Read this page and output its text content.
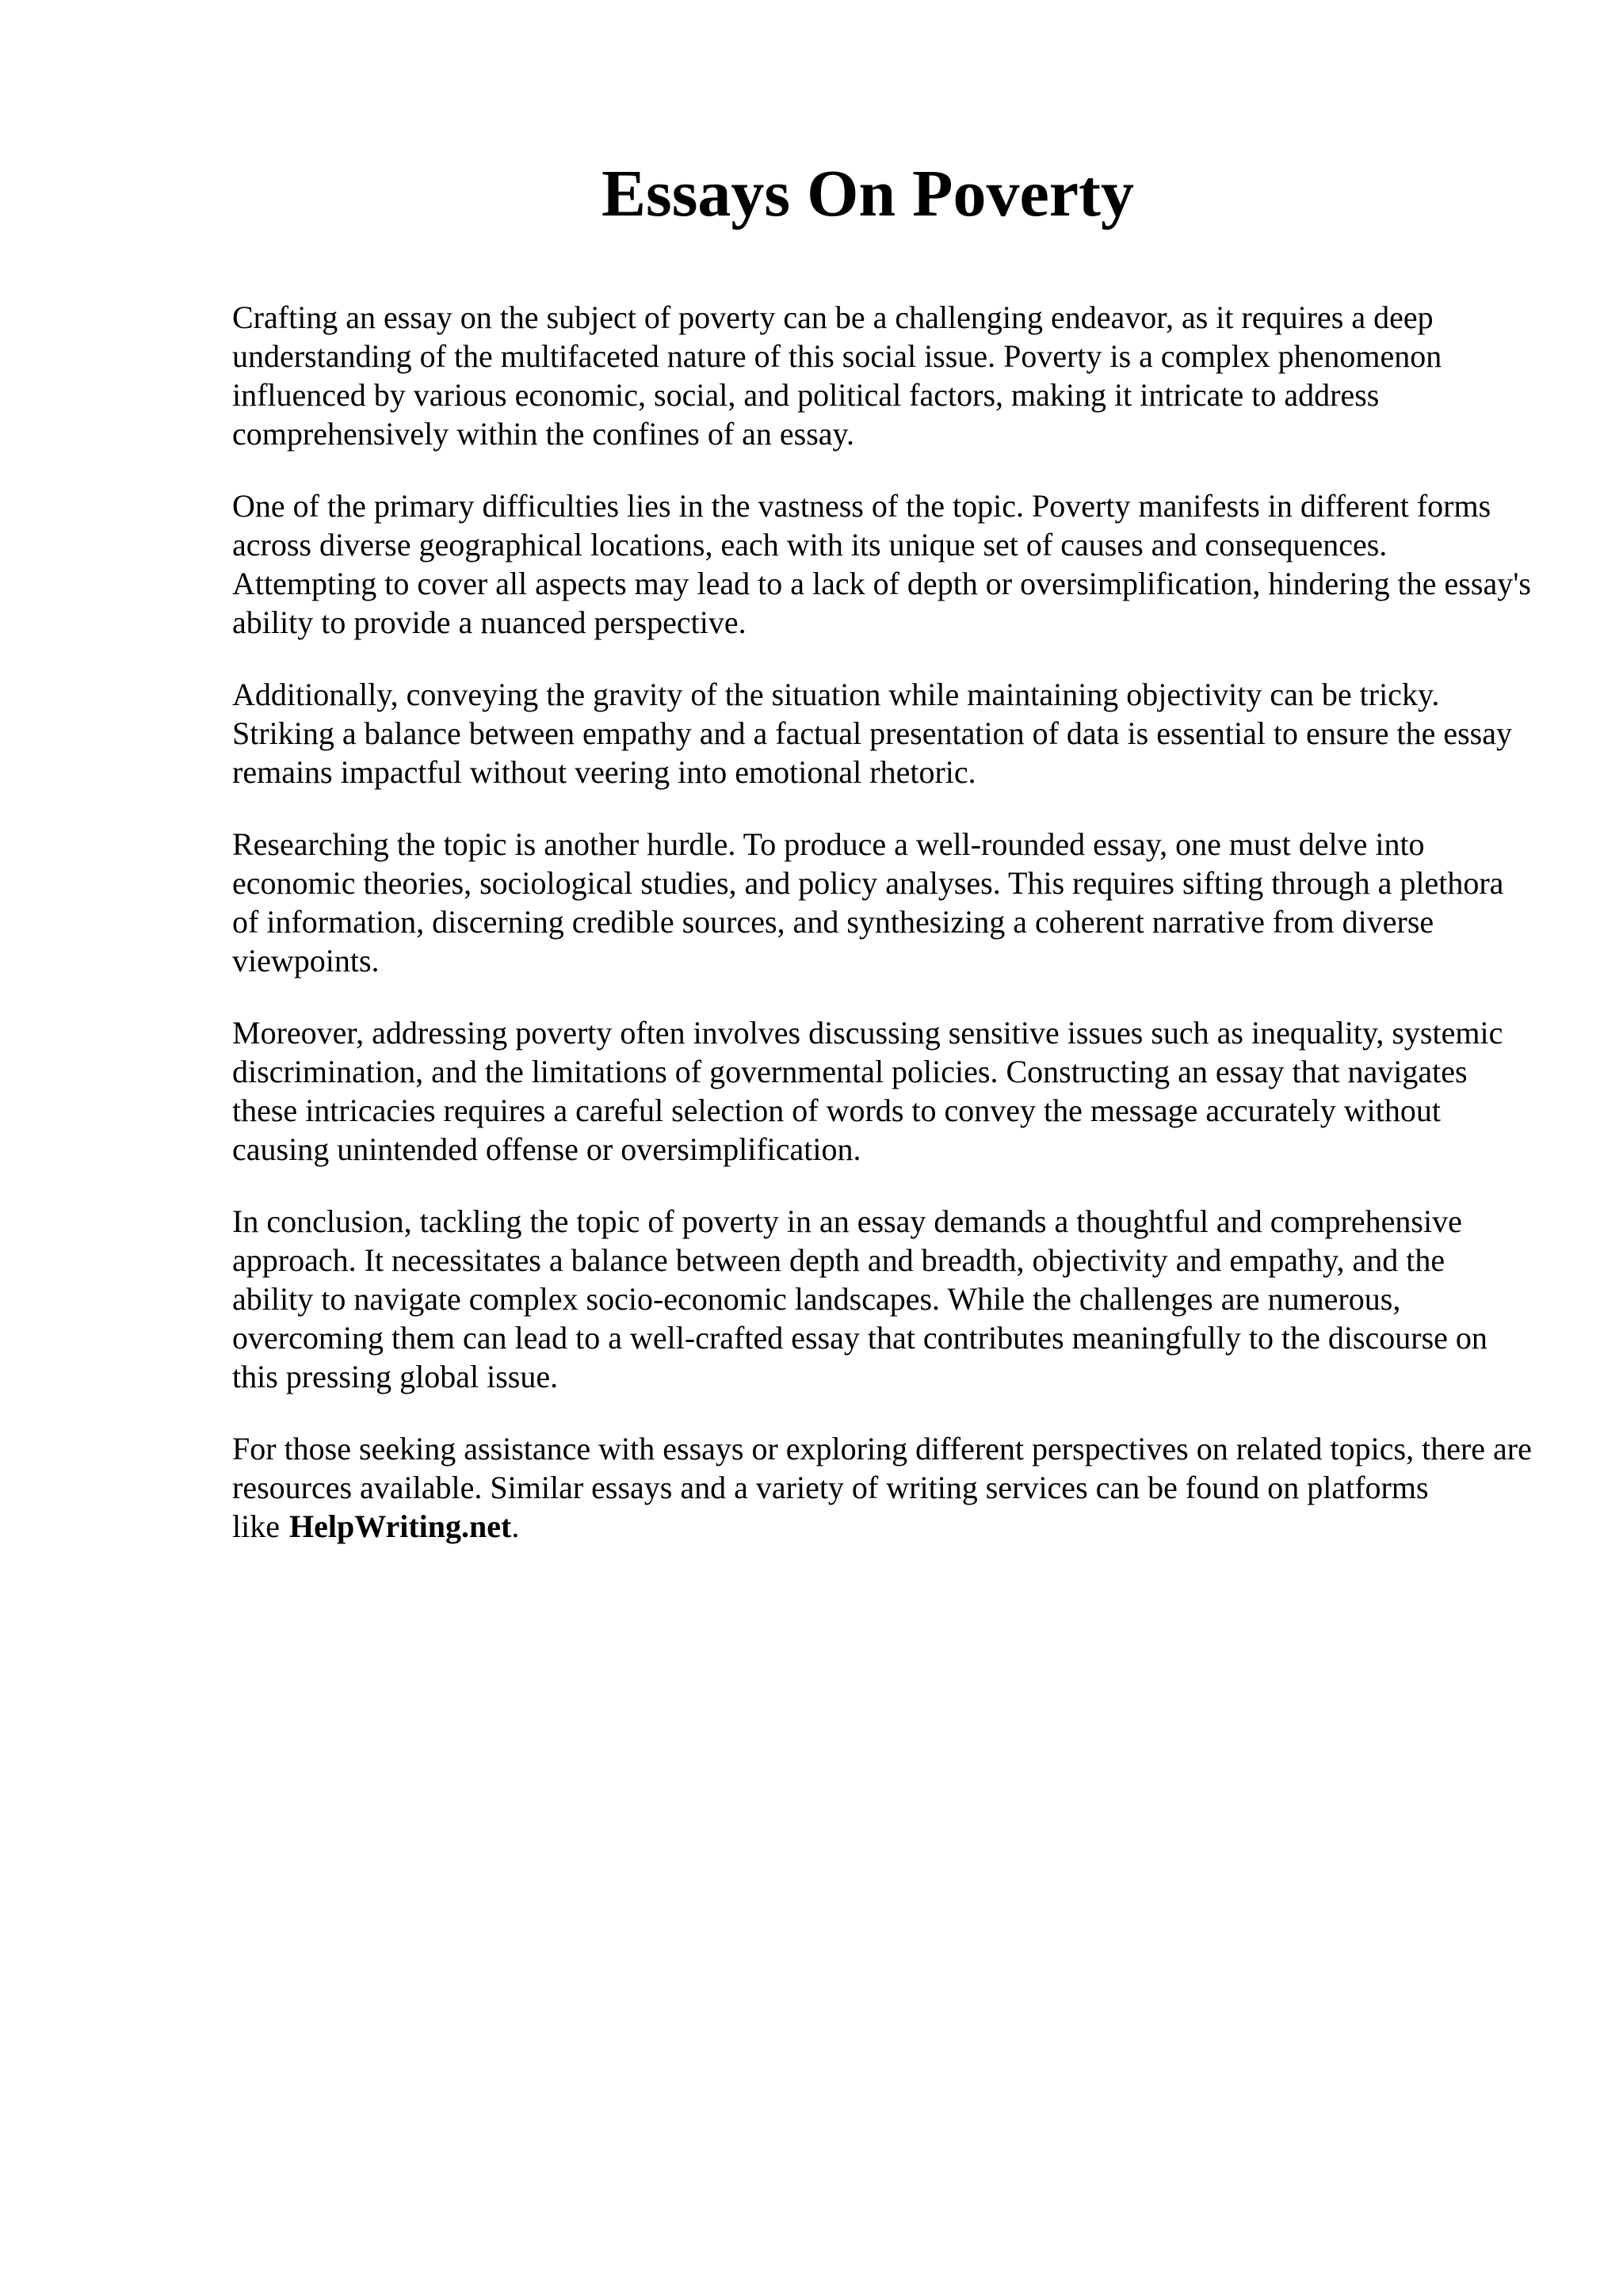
Essays On Poverty

Crafting an essay on the subject of poverty can be a challenging endeavor, as it requires a deep understanding of the multifaceted nature of this social issue. Poverty is a complex phenomenon influenced by various economic, social, and political factors, making it intricate to address comprehensively within the confines of an essay.

One of the primary difficulties lies in the vastness of the topic. Poverty manifests in different forms across diverse geographical locations, each with its unique set of causes and consequences. Attempting to cover all aspects may lead to a lack of depth or oversimplification, hindering the essay's ability to provide a nuanced perspective.

Additionally, conveying the gravity of the situation while maintaining objectivity can be tricky. Striking a balance between empathy and a factual presentation of data is essential to ensure the essay remains impactful without veering into emotional rhetoric.

Researching the topic is another hurdle. To produce a well-rounded essay, one must delve into economic theories, sociological studies, and policy analyses. This requires sifting through a plethora of information, discerning credible sources, and synthesizing a coherent narrative from diverse viewpoints.

Moreover, addressing poverty often involves discussing sensitive issues such as inequality, systemic discrimination, and the limitations of governmental policies. Constructing an essay that navigates these intricacies requires a careful selection of words to convey the message accurately without causing unintended offense or oversimplification.

In conclusion, tackling the topic of poverty in an essay demands a thoughtful and comprehensive approach. It necessitates a balance between depth and breadth, objectivity and empathy, and the ability to navigate complex socio-economic landscapes. While the challenges are numerous, overcoming them can lead to a well-crafted essay that contributes meaningfully to the discourse on this pressing global issue.

For those seeking assistance with essays or exploring different perspectives on related topics, there are resources available. Similar essays and a variety of writing services can be found on platforms like HelpWriting.net.
